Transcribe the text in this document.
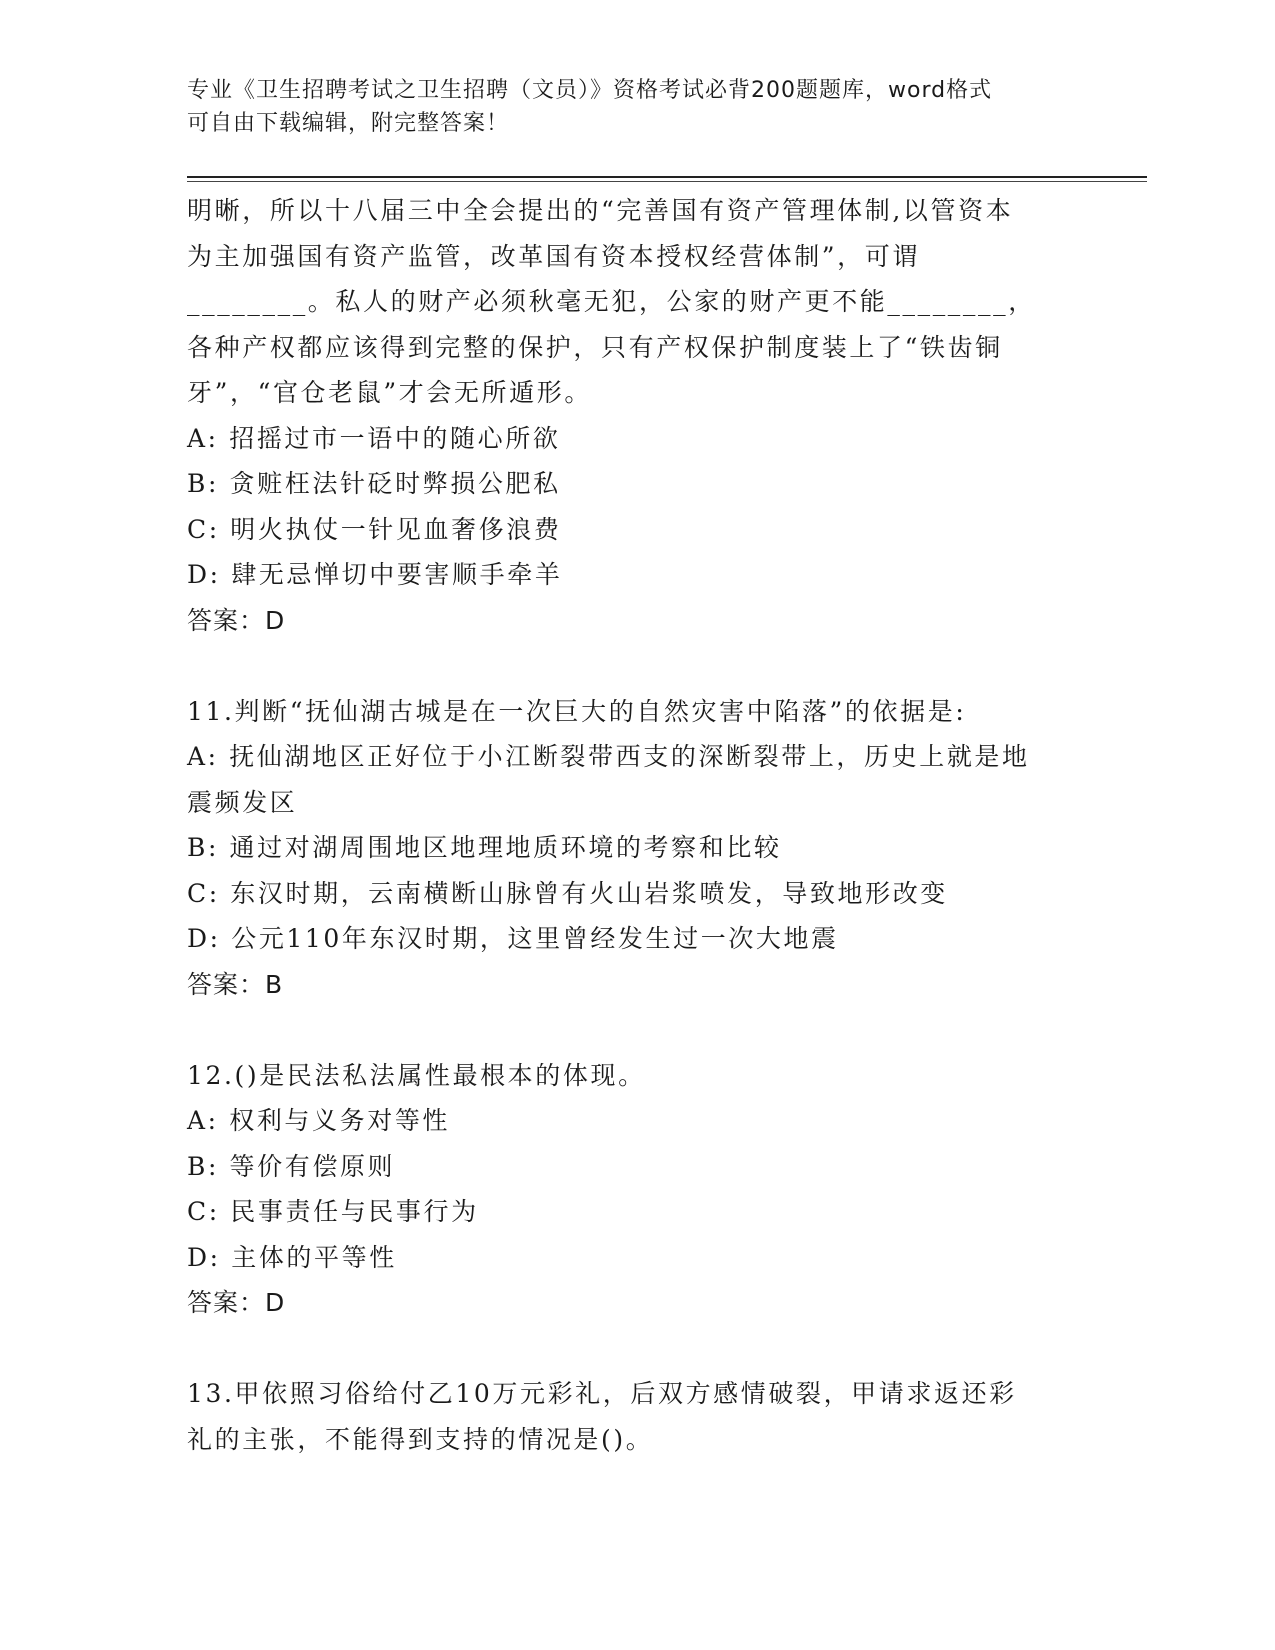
专业《卫生招聘考试之卫生招聘（文员）》资格考试必背200题题库，word格式
可自由下载编辑，附完整答案！

明晰，所以十八届三中全会提出的“完善国有资产管理体制,以管资本

为主加强国有资产监管，改革国有资本授权经营体制”，可谓

________。私人的财产必须秋毫无犯，公家的财产更不能________，

各种产权都应该得到完整的保护，只有产权保护制度装上了“铁齿铜

牙”，“官仓老鼠”才会无所遁形。

A: 招摇过市一语中的随心所欲

B: 贪赃枉法针砭时弊损公肥私

C: 明火执仗一针见血奢侈浪费

D: 肆无忌惮切中要害顺手牵羊

答案：D

11.判断“抚仙湖古城是在一次巨大的自然灾害中陷落”的依据是:

A: 抚仙湖地区正好位于小江断裂带西支的深断裂带上，历史上就是地

震频发区

B: 通过对湖周围地区地理地质环境的考察和比较

C: 东汉时期，云南横断山脉曾有火山岩浆喷发，导致地形改变

D: 公元110年东汉时期，这里曾经发生过一次大地震

答案：B

12.()是民法私法属性最根本的体现。

A: 权利与义务对等性

B: 等价有偿原则

C: 民事责任与民事行为

D: 主体的平等性

答案：D

13.甲依照习俗给付乙10万元彩礼，后双方感情破裂，甲请求返还彩

礼的主张，不能得到支持的情况是()。
